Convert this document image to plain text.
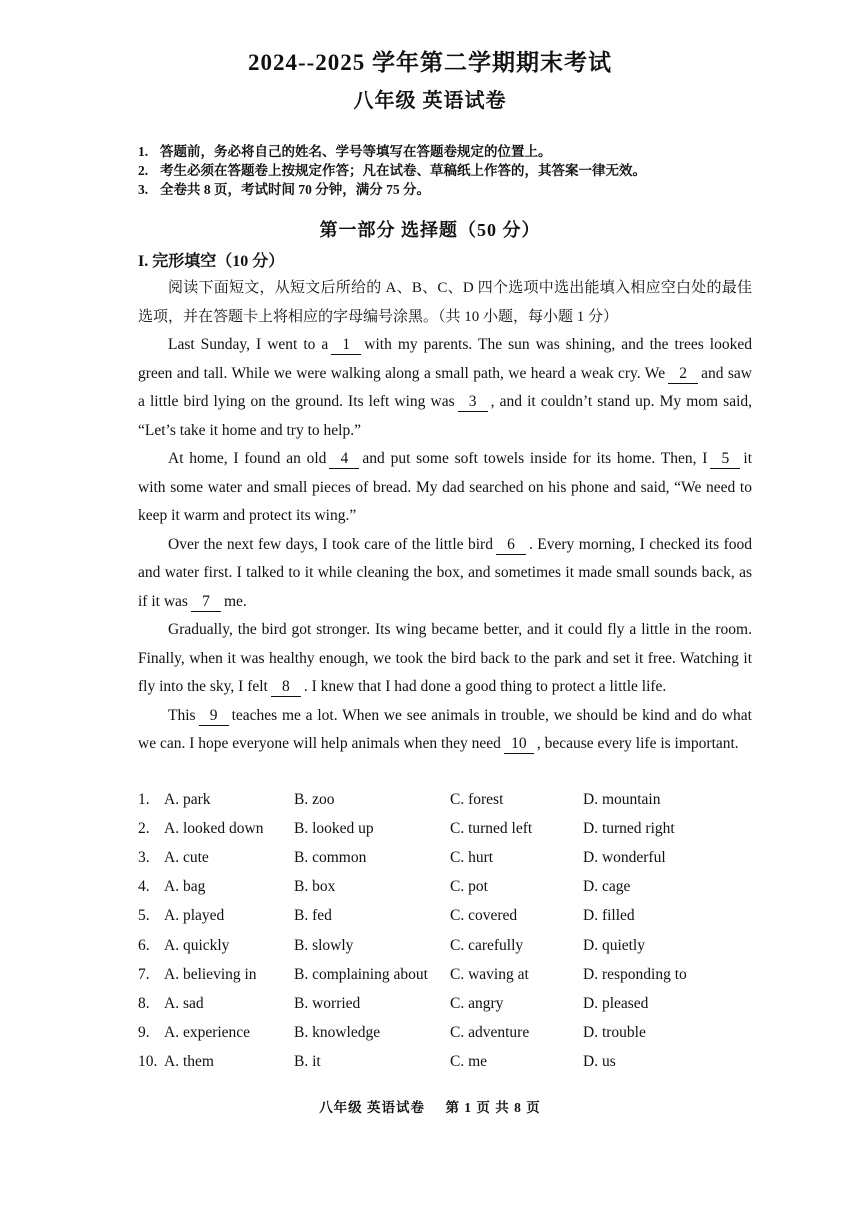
2024--2025 学年第二学期期末考试
八年级 英语试卷
1. 答题前，务必将自己的姓名、学号等填写在答题卷规定的位置上。
2. 考生必须在答题卷上按规定作答；凡在试卷、草稿纸上作答的，其答案一律无效。
3. 全卷共 8 页，考试时间 70 分钟，满分 75 分。
第一部分 选择题（50 分）
I. 完形填空（10 分）

阅读下面短文，从短文后所给的 A、B、C、D 四个选项中选出能填入相应空白处的最佳选项，并在答题卡上将相应的字母编号涂黑。（共 10 小题，每小题 1 分）

Last Sunday, I went to a 1 with my parents. The sun was shining, and the trees looked green and tall. While we were walking along a small path, we heard a weak cry. We 2 and saw a little bird lying on the ground. Its left wing was 3 , and it couldn’t stand up. My mom said, “Let’s take it home and try to help.”

At home, I found an old 4 and put some soft towels inside for its home. Then, I 5 it with some water and small pieces of bread. My dad searched on his phone and said, “We need to keep it warm and protect its wing.”

Over the next few days, I took care of the little bird 6 . Every morning, I checked its food and water first. I talked to it while cleaning the box, and sometimes it made small sounds back, as if it was 7 me.

Gradually, the bird got stronger. Its wing became better, and it could fly a little in the room. Finally, when it was healthy enough, we took the bird back to the park and set it free. Watching it fly into the sky, I felt 8 . I knew that I had done a good thing to protect a little life.

This 9 teaches me a lot. When we see animals in trouble, we should be kind and do what we can. I hope everyone will help animals when they need 10 , because every life is important.

1. A. park	B. zoo	C. forest	D. mountain
2. A. looked down	B. looked up	C. turned left	D. turned right
3. A. cute	B. common	C. hurt	D. wonderful
4. A. bag	B. box	C. pot	D. cage
5. A. played	B. fed	C. covered	D. filled
6. A. quickly	B. slowly	C. carefully	D. quietly
7. A. believing in	B. complaining about	C. waving at	D. responding to
8. A. sad	B. worried	C. angry	D. pleased
9. A. experience	B. knowledge	C. adventure	D. trouble
10. A. them	B. it	C. me	D. us
八年级 英语试卷 第 1 页 共 8 页
